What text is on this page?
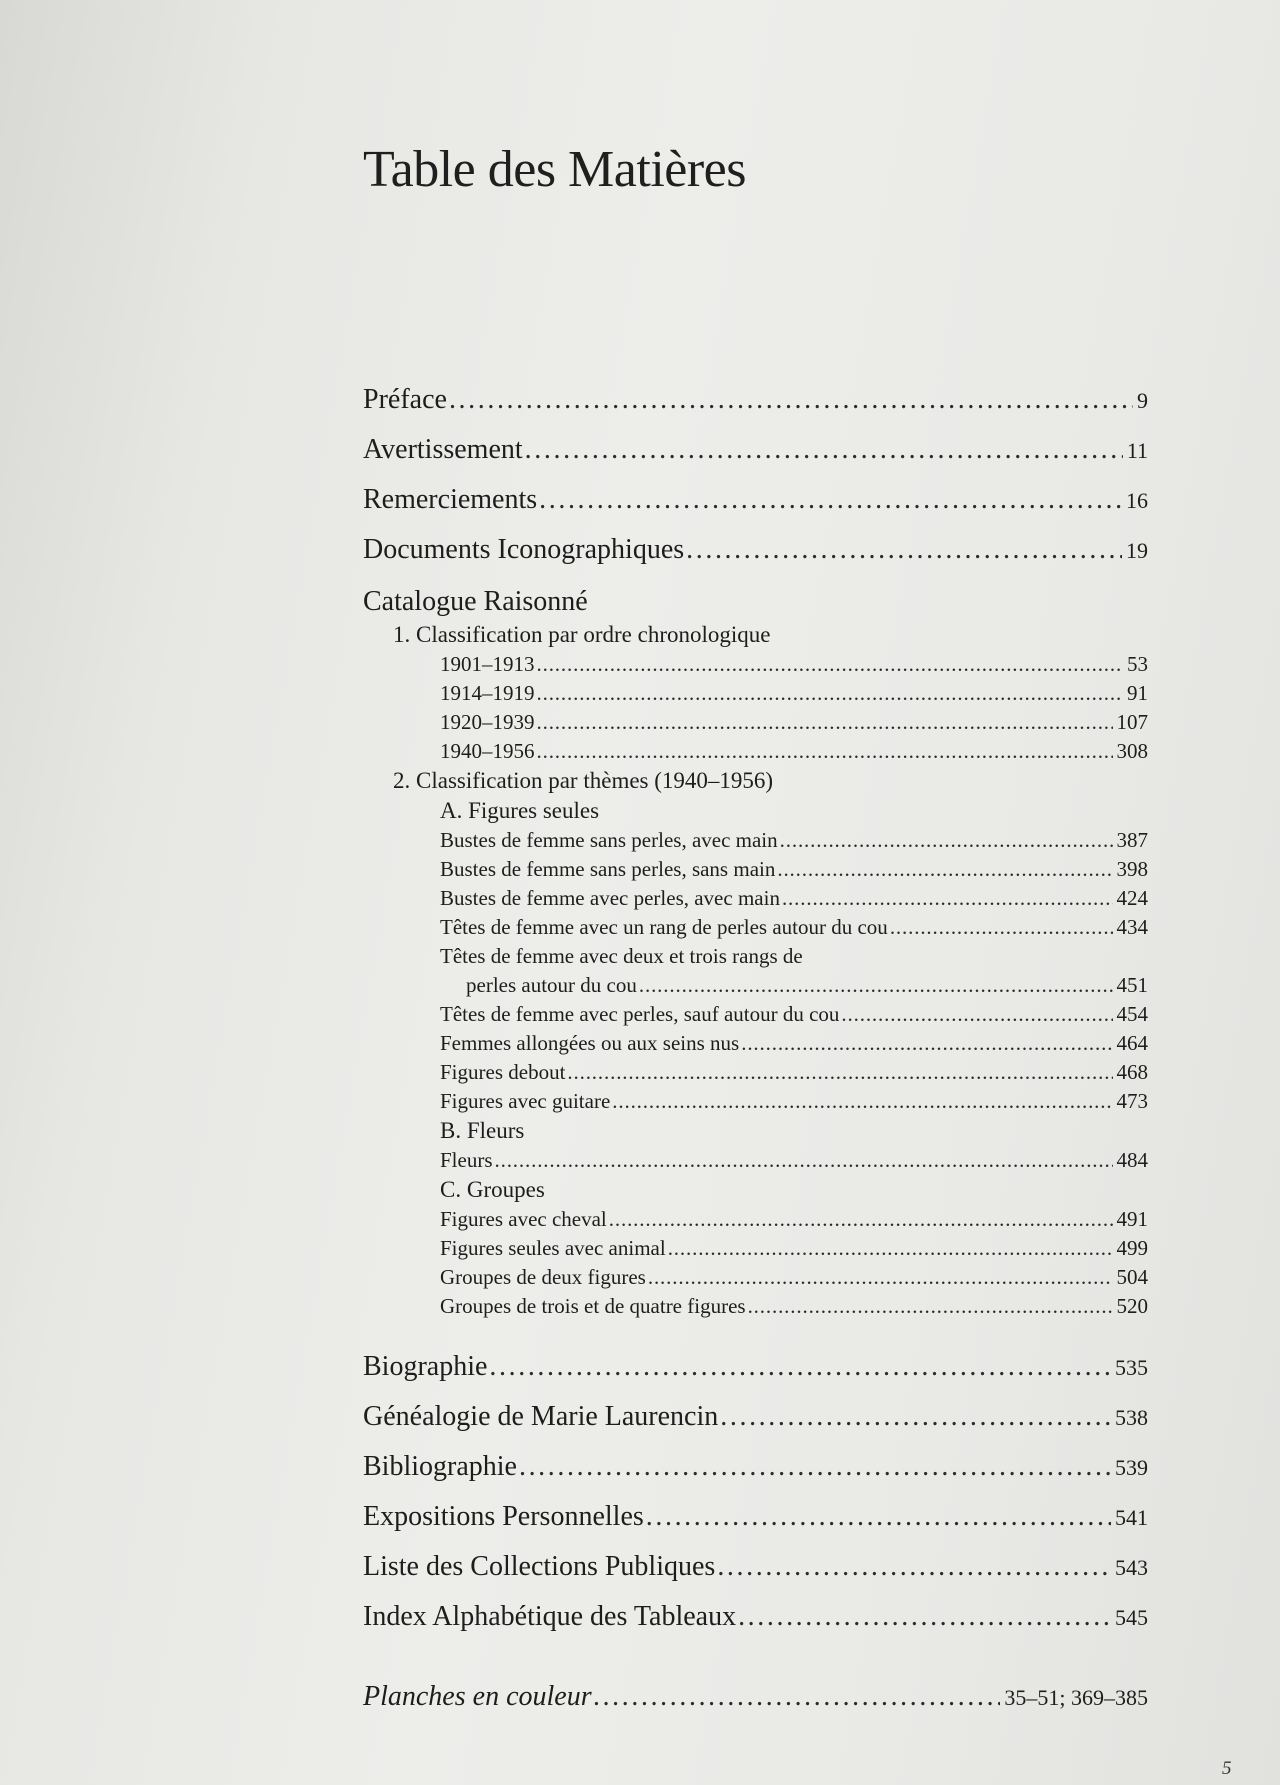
Table des Matières
Préface . . .	9
Avertissement . . .	11
Remerciements . . .	16
Documents Iconographiques . . .	19
Catalogue Raisonné
1. Classification par ordre chronologique
1901–1913 . . .	53
1914–1919 . . .	91
1920–1939 . . .	107
1940–1956 . . .	308
2. Classification par thèmes (1940–1956)
A. Figures seules
Bustes de femme sans perles, avec main . . .	387
Bustes de femme sans perles, sans main . . .	398
Bustes de femme avec perles, avec main . . .	424
Têtes de femme avec un rang de perles autour du cou . . .	434
Têtes de femme avec deux et trois rangs de
perles autour du cou . . .	451
Têtes de femme avec perles, sauf autour du cou . . .	454
Femmes allongées ou aux seins nus . . .	464
Figures debout . . .	468
Figures avec guitare . . .	473
B. Fleurs
Fleurs . . .	484
C. Groupes
Figures avec cheval . . .	491
Figures seules avec animal . . .	499
Groupes de deux figures . . .	504
Groupes de trois et de quatre figures . . .	520
Biographie . . .	535
Généalogie de Marie Laurencin . . .	538
Bibliographie . . .	539
Expositions Personnelles . . .	541
Liste des Collections Publiques . . .	543
Index Alphabétique des Tableaux . . .	545
Planches en couleur . . .	35–51; 369–385
5
